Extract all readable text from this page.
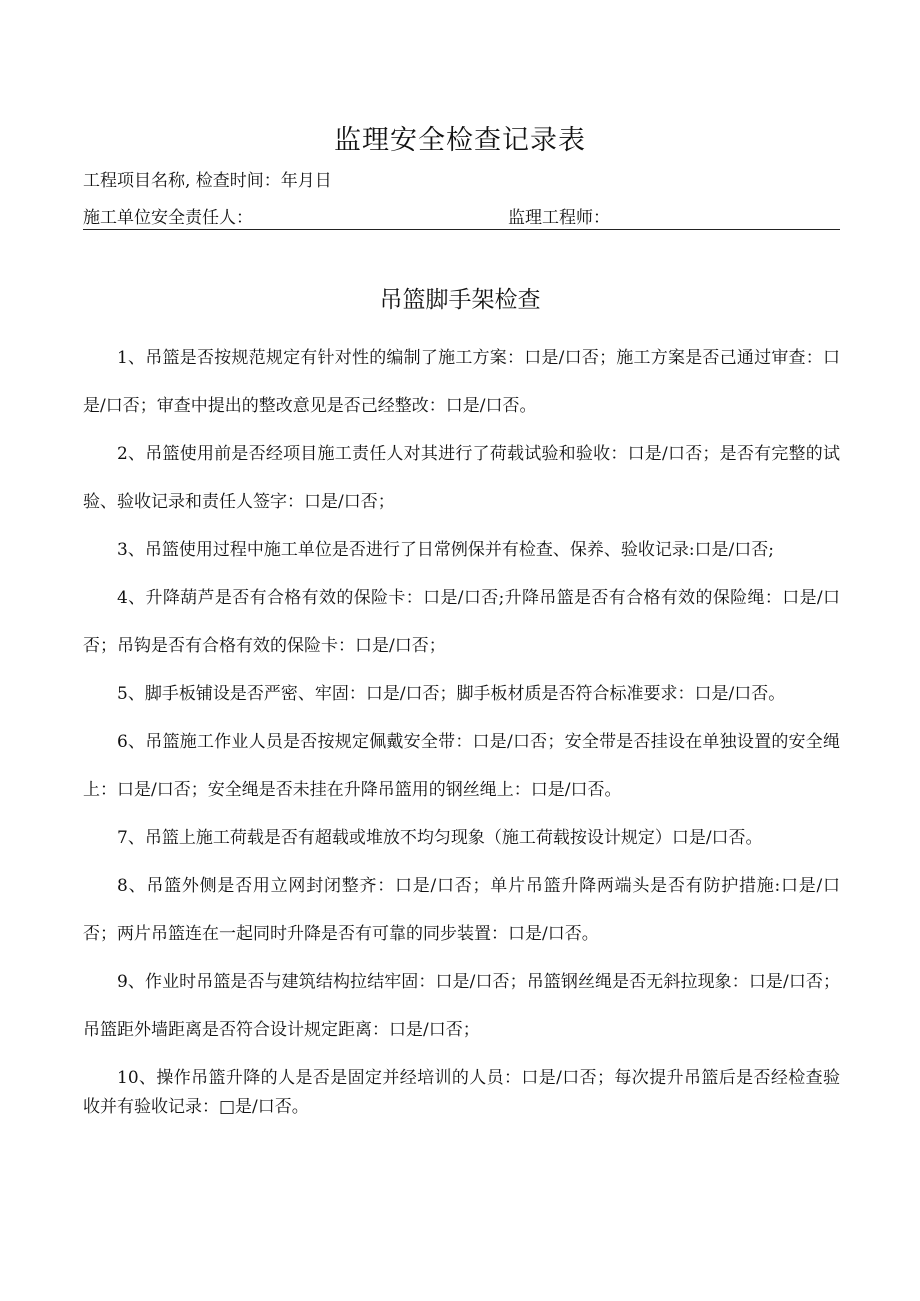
监理安全检查记录表
工程项目名称, 检查时间：年月日
施工单位安全责任人：	监理工程师：
吊篮脚手架检查

1、吊篮是否按规范规定有针对性的编制了施工方案：口是/口否；施工方案是否己通过审查：口是/口否；审查中提出的整改意见是否己经整改：口是/口否。

2、吊篮使用前是否经项目施工责任人对其进行了荷载试验和验收：口是/口否；是否有完整的试验、验收记录和责任人签字：口是/口否；

3、吊篮使用过程中施工单位是否进行了日常例保并有检查、保养、验收记录:口是/口否;

4、升降葫芦是否有合格有效的保险卡：口是/口否;升降吊篮是否有合格有效的保险绳：口是/口否；吊钩是否有合格有效的保险卡：口是/口否；

5、脚手板铺设是否严密、牢固：口是/口否；脚手板材质是否符合标准要求：口是/口否。

6、吊篮施工作业人员是否按规定佩戴安全带：口是/口否；安全带是否挂设在单独设置的安全绳上：口是/口否；安全绳是否未挂在升降吊篮用的钢丝绳上：口是/口否。

7、吊篮上施工荷载是否有超载或堆放不均匀现象（施工荷载按设计规定）口是/口否。

8、吊篮外侧是否用立网封闭整齐：口是/口否；单片吊篮升降两端头是否有防护措施:口是/口否；两片吊篮连在一起同时升降是否有可靠的同步装置：口是/口否。

9、作业时吊篮是否与建筑结构拉结牢固：口是/口否；吊篮钢丝绳是否无斜拉现象：口是/口否；吊篮距外墙距离是否符合设计规定距离：口是/口否；

10、操作吊篮升降的人是否是固定并经培训的人员：口是/口否；每次提升吊篮后是否经检查验收并有验收记录：□是/口否。
